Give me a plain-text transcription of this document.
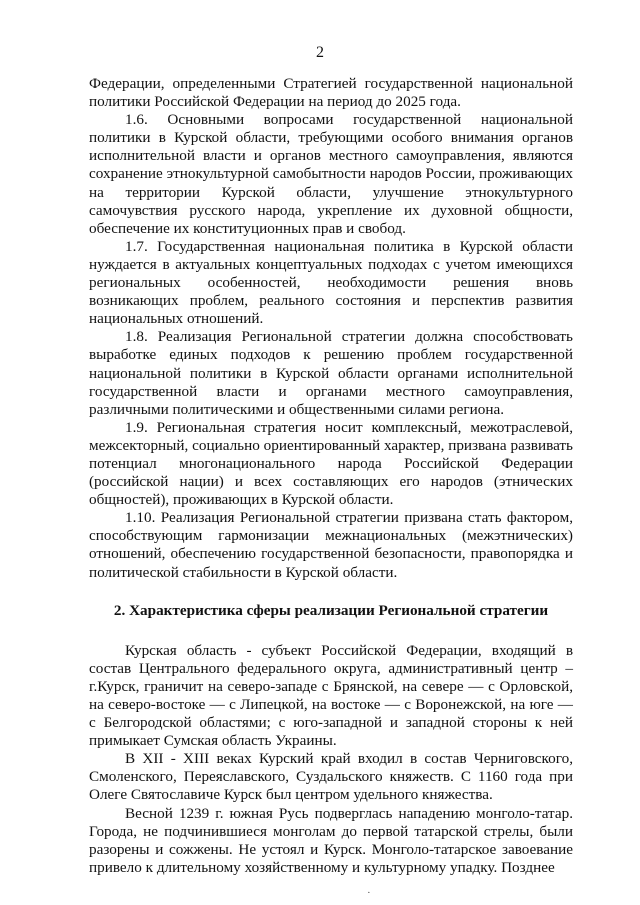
2

Федерации, определенными Стратегией государственной национальной политики Российской Федерации на период до 2025 года.

1.6. Основными вопросами государственной национальной политики в Курской области, требующими особого внимания органов исполнительной власти и органов местного самоуправления, являются сохранение этнокультурной самобытности народов России, проживающих на территории Курской области, улучшение этнокультурного самочувствия русского народа, укрепление их духовной общности, обеспечение их конституционных прав и свобод.

1.7. Государственная национальная политика в Курской области нуждается в актуальных концептуальных подходах с учетом имеющихся региональных особенностей, необходимости решения вновь возникающих проблем, реального состояния и перспектив развития национальных отношений.

1.8. Реализация Региональной стратегии должна способствовать выработке единых подходов к решению проблем государственной национальной политики в Курской области органами исполнительной государственной власти и органами местного самоуправления, различными политическими и общественными силами региона.

1.9. Региональная стратегия носит комплексный, межотраслевой, межсекторный, социально ориентированный характер, призвана развивать потенциал многонационального народа Российской Федерации (российской нации) и всех составляющих его народов (этнических общностей), проживающих в Курской области.

1.10. Реализация Региональной стратегии призвана стать фактором, способствующим гармонизации межнациональных (межэтнических) отношений, обеспечению государственной безопасности, правопорядка и политической стабильности в Курской области.

2. Характеристика сферы реализации Региональной стратегии

Курская область - субъект Российской Федерации, входящий в состав Центрального федерального округа, административный центр – г.Курск, граничит на северо-западе с Брянской, на севере — с Орловской, на северо-востоке — с Липецкой, на востоке — с Воронежской, на юге — с Белгородской областями; с юго-западной и западной стороны к ней примыкает Сумская область Украины.

В XII - XIII веках Курский край входил в состав Черниговского, Смоленского, Переяславского, Суздальского княжеств. С 1160 года при Олеге Святославиче Курск был центром удельного княжества.

Весной 1239 г. южная Русь подверглась нападению монголо-татар. Города, не подчинившиеся монголам до первой татарской стрелы, были разорены и сожжены. Не устоял и Курск. Монголо-татарское завоевание привело к длительному хозяйственному и культурному упадку. Позднее

·
